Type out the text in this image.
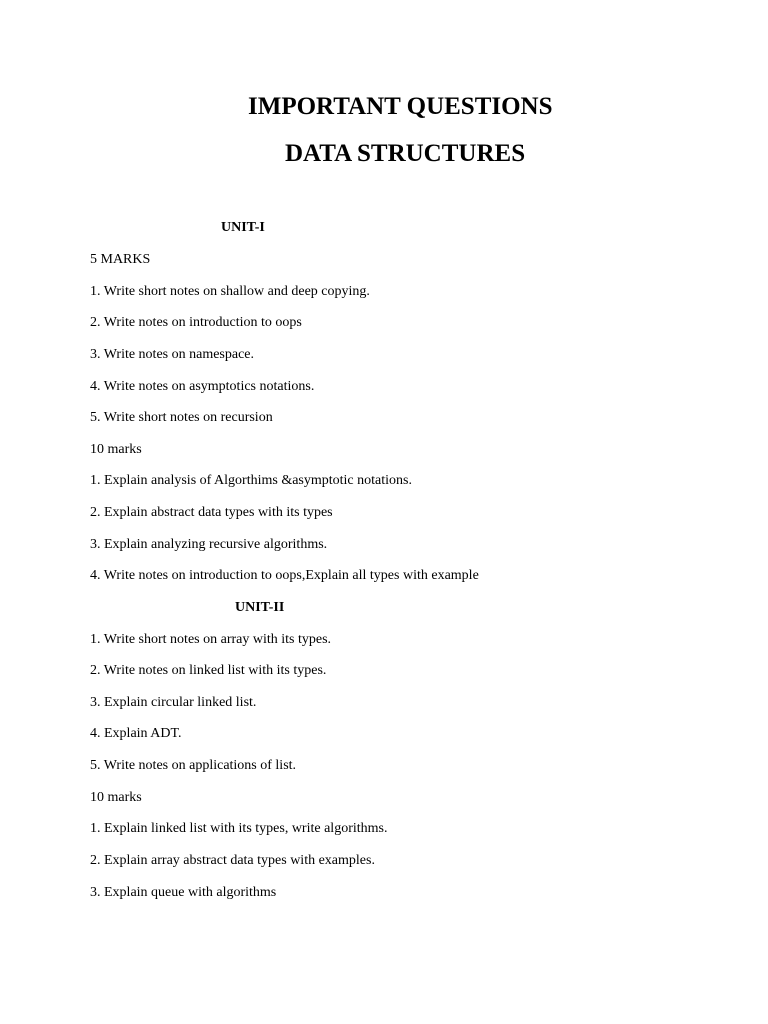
IMPORTANT QUESTIONS
DATA STRUCTURES
UNIT-I
5 MARKS
1. Write short notes on shallow and deep copying.
2. Write notes on introduction to oops
3. Write notes on namespace.
4. Write notes on asymptotics notations.
5. Write short notes on recursion
10 marks
1. Explain analysis of Algorthims &asymptotic notations.
2. Explain abstract data types with its types
3. Explain analyzing recursive algorithms.
4. Write notes on introduction to oops,Explain all types with example
UNIT-II
1. Write short notes on array with its types.
2. Write notes on linked list with its types.
3. Explain circular linked list.
4. Explain ADT.
5. Write notes on applications of list.
10 marks
1. Explain linked list with its types, write algorithms.
2. Explain array abstract data types with examples.
3. Explain queue with algorithms
